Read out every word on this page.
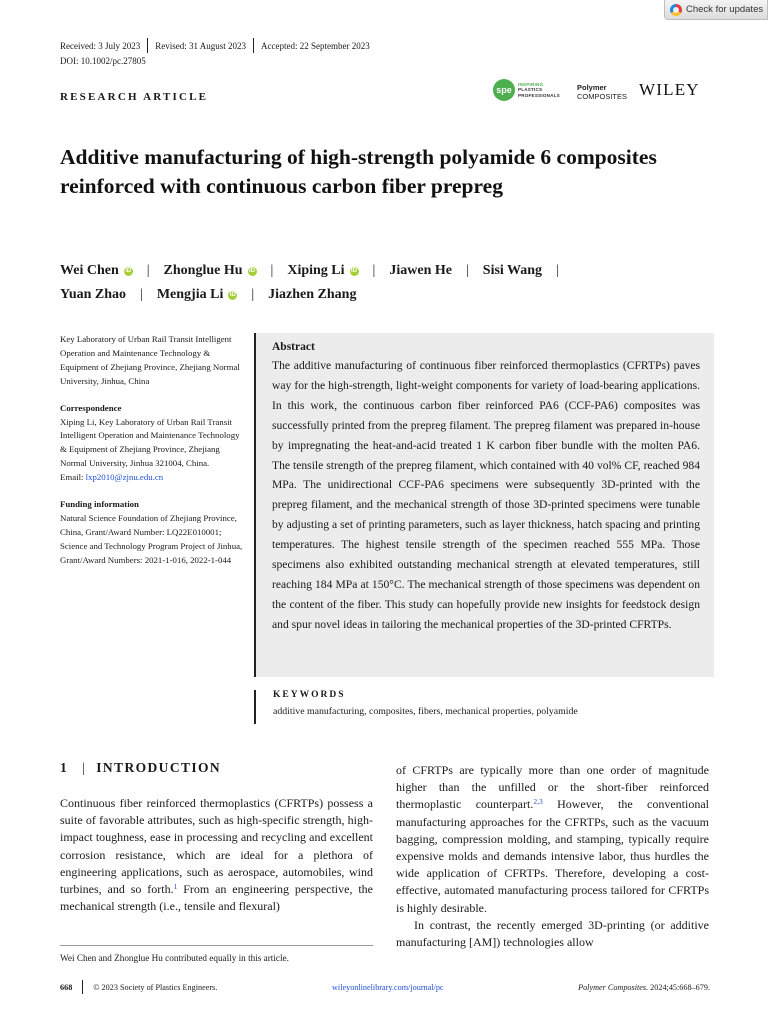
Check for updates
Received: 3 July 2023 Revised: 31 August 2023 Accepted: 22 September 2023
DOI: 10.1002/pc.27805
RESEARCH ARTICLE
spe
INSPIRING
PLASTICS
PROFESSIONALS
Polymer
COMPOSITES WILEY
Additive manufacturing of high-strength polyamide 6 composites reinforced with continuous carbon fiber prepreg
Wei Chen iD | Zhonglue Hu iD | Xiping Li iD | Jiawen He | Sisi Wang |
Yuan Zhao | Mengjia Li iD | Jiazhen Zhang

Key Laboratory of Urban Rail Transit Intelligent Operation and Maintenance Technology & Equipment of Zhejiang Province, Zhejiang Normal University, Jinhua, China

Correspondence

Xiping Li, Key Laboratory of Urban Rail Transit Intelligent Operation and Maintenance Technology & Equipment of Zhejiang Province, Zhejiang Normal University, Jinhua 321004, China.
Email: lxp2010@zjnu.edu.cn

Funding information

Natural Science Foundation of Zhejiang Province, China, Grant/Award Number: LQ22E010001; Science and Technology Program Project of Jinhua, Grant/Award Numbers: 2021-1-016, 2022-1-044

Abstract
The additive manufacturing of continuous fiber reinforced thermoplastics (CFRTPs) paves way for the high-strength, light-weight components for variety of load-bearing applications. In this work, the continuous carbon fiber reinforced PA6 (CCF-PA6) composites was successfully printed from the prepreg filament. The prepreg filament was prepared in-house by impregnating the heat-and-acid treated 1 K carbon fiber bundle with the molten PA6. The tensile strength of the prepreg filament, which contained with 40 vol% CF, reached 984 MPa. The unidirectional CCF-PA6 specimens were subsequently 3D-printed with the prepreg filament, and the mechanical strength of those 3D-printed specimens were tunable by adjusting a set of printing parameters, such as layer thickness, hatch spacing and printing temperatures. The highest tensile strength of the specimen reached 555 MPa. Those specimens also exhibited outstanding mechanical strength at elevated temperatures, still reaching 184 MPa at 150°C. The mechanical strength of those specimens was dependent on the content of the fiber. This study can hopefully provide new insights for feedstock design and spur novel ideas in tailoring the mechanical properties of the 3D-printed CFRTPs.
KEYWORDS
additive manufacturing, composites, fibers, mechanical properties, polyamide
1 | INTRODUCTION
Continuous fiber reinforced thermoplastics (CFRTPs) possess a suite of favorable attributes, such as high-specific strength, high-impact toughness, ease in processing and recycling and excellent corrosion resistance, which are ideal for a plethora of engineering applications, such as aerospace, automobiles, wind turbines, and so forth.$^1$ From an engineering perspective, the mechanical strength (i.e., tensile and flexural)

of CFRTPs are typically more than one order of magnitude higher than the unfilled or the short-fiber reinforced thermoplastic counterpart.$^{2,3}$ However, the conventional manufacturing approaches for the CFRTPs, such as the vacuum bagging, compression molding, and stamping, typically require expensive molds and demands intensive labor, thus hurdles the wide application of CFRTPs. Therefore, developing a cost-effective, automated manufacturing process tailored for CFRTPs is highly desirable.

In contrast, the recently emerged 3D-printing (or additive manufacturing [AM]) technologies allow

Wei Chen and Zhonglue Hu contributed equally in this article.
668	© 2023 Society of Plastics Engineers.	wileyonlinelibrary.com/journal/pc	Polymer Composites. 2024;45:668–679.
